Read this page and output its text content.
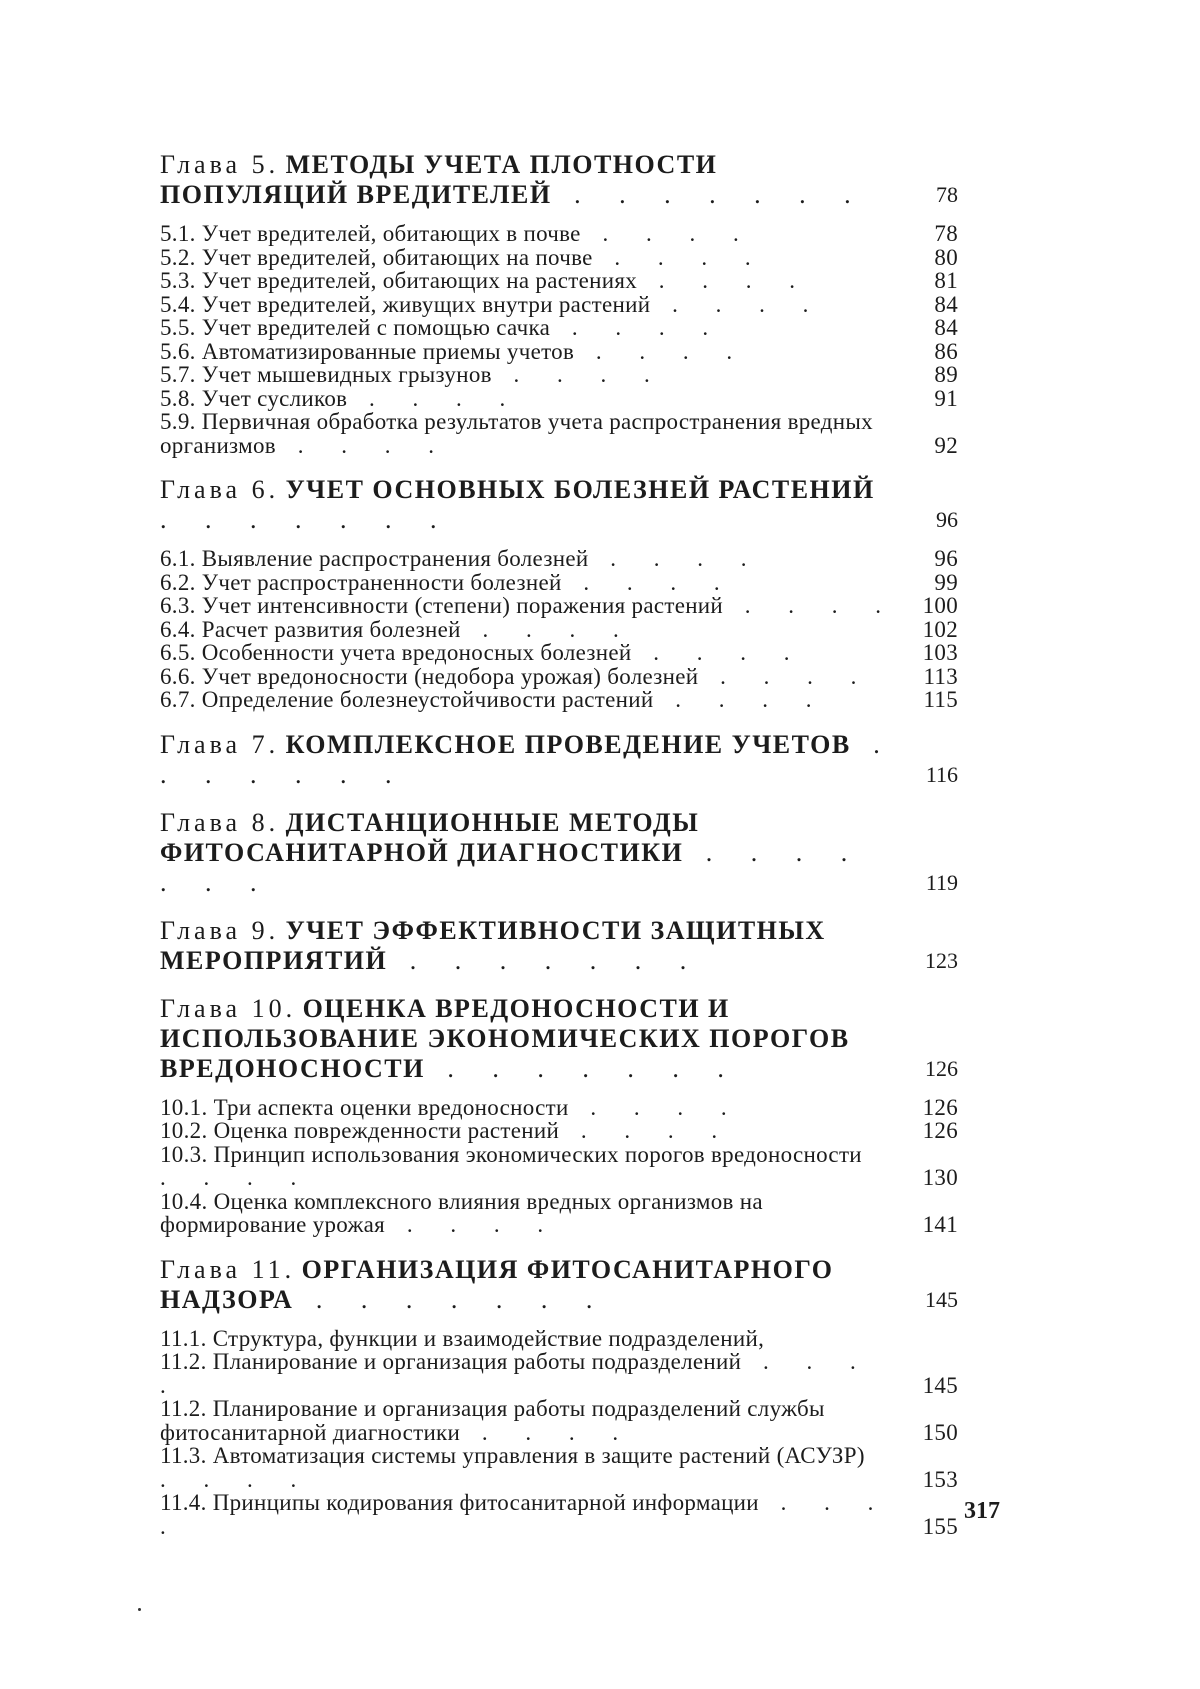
Глава 5. МЕТОДЫ УЧЕТА ПЛОТНОСТИ ПОПУЛЯЦИЙ ВРЕДИТЕЛЕЙ . . . . . . .	78
5.1. Учет вредителей, обитающих в почве . . . .	78
5.2. Учет вредителей, обитающих на почве . . . .	80
5.3. Учет вредителей, обитающих на растениях . . . .	81
5.4. Учет вредителей, живущих внутри растений . . . .	84
5.5. Учет вредителей с помощью сачка . . . .	84
5.6. Автоматизированные приемы учетов . . . .	86
5.7. Учет мышевидных грызунов . . . .	89
5.8. Учет сусликов . . . .	91
5.9. Первичная обработка результатов учета распространения вредных организмов . . . .	92
Глава 6. УЧЕТ ОСНОВНЫХ БОЛЕЗНЕЙ РАСТЕНИЙ . . . . . . .	96
6.1. Выявление распространения болезней . . . .	96
6.2. Учет распространенности болезней . . . .	99
6.3. Учет интенсивности (степени) поражения растений . . . .	100
6.4. Расчет развития болезней . . . .	102
6.5. Особенности учета вредоносных болезней . . . .	103
6.6. Учет вредоносности (недобора урожая) болезней . . . .	113
6.7. Определение болезнеустойчивости растений . . . .	115
Глава 7. КОМПЛЕКСНОЕ ПРОВЕДЕНИЕ УЧЕТОВ . . . . . . .	116
Глава 8. ДИСТАНЦИОННЫЕ МЕТОДЫ ФИТОСАНИТАРНОЙ ДИАГНОСТИКИ . . . . . . .	119
Глава 9. УЧЕТ ЭФФЕКТИВНОСТИ ЗАЩИТНЫХ МЕРОПРИЯТИЙ . . . . . . .	123
Глава 10. ОЦЕНКА ВРЕДОНОСНОСТИ И ИСПОЛЬЗОВАНИЕ ЭКОНОМИЧЕСКИХ ПОРОГОВ ВРЕДОНОСНОСТИ . . . . . . .	126
10.1. Три аспекта оценки вредоносности . . . .	126
10.2. Оценка поврежденности растений . . . .	126
10.3. Принцип использования экономических порогов вредоносности . . . .	130
10.4. Оценка комплексного влияния вредных организмов на формирование урожая . . . .	141
Глава 11. ОРГАНИЗАЦИЯ ФИТОСАНИТАРНОГО НАДЗОРА . . . . . . .	145
11.1. Структура, функции и взаимодействие подразделений,
11.2. Планирование и организация работы подразделений . . . .	145
11.2. Планирование и организация работы подразделений службы фитосанитарной диагностики . . . .	150
11.3. Автоматизация системы управления в защите растений (АСУЗР) . . . .	153
11.4. Принципы кодирования фитосанитарной информации . . . .	155
317
